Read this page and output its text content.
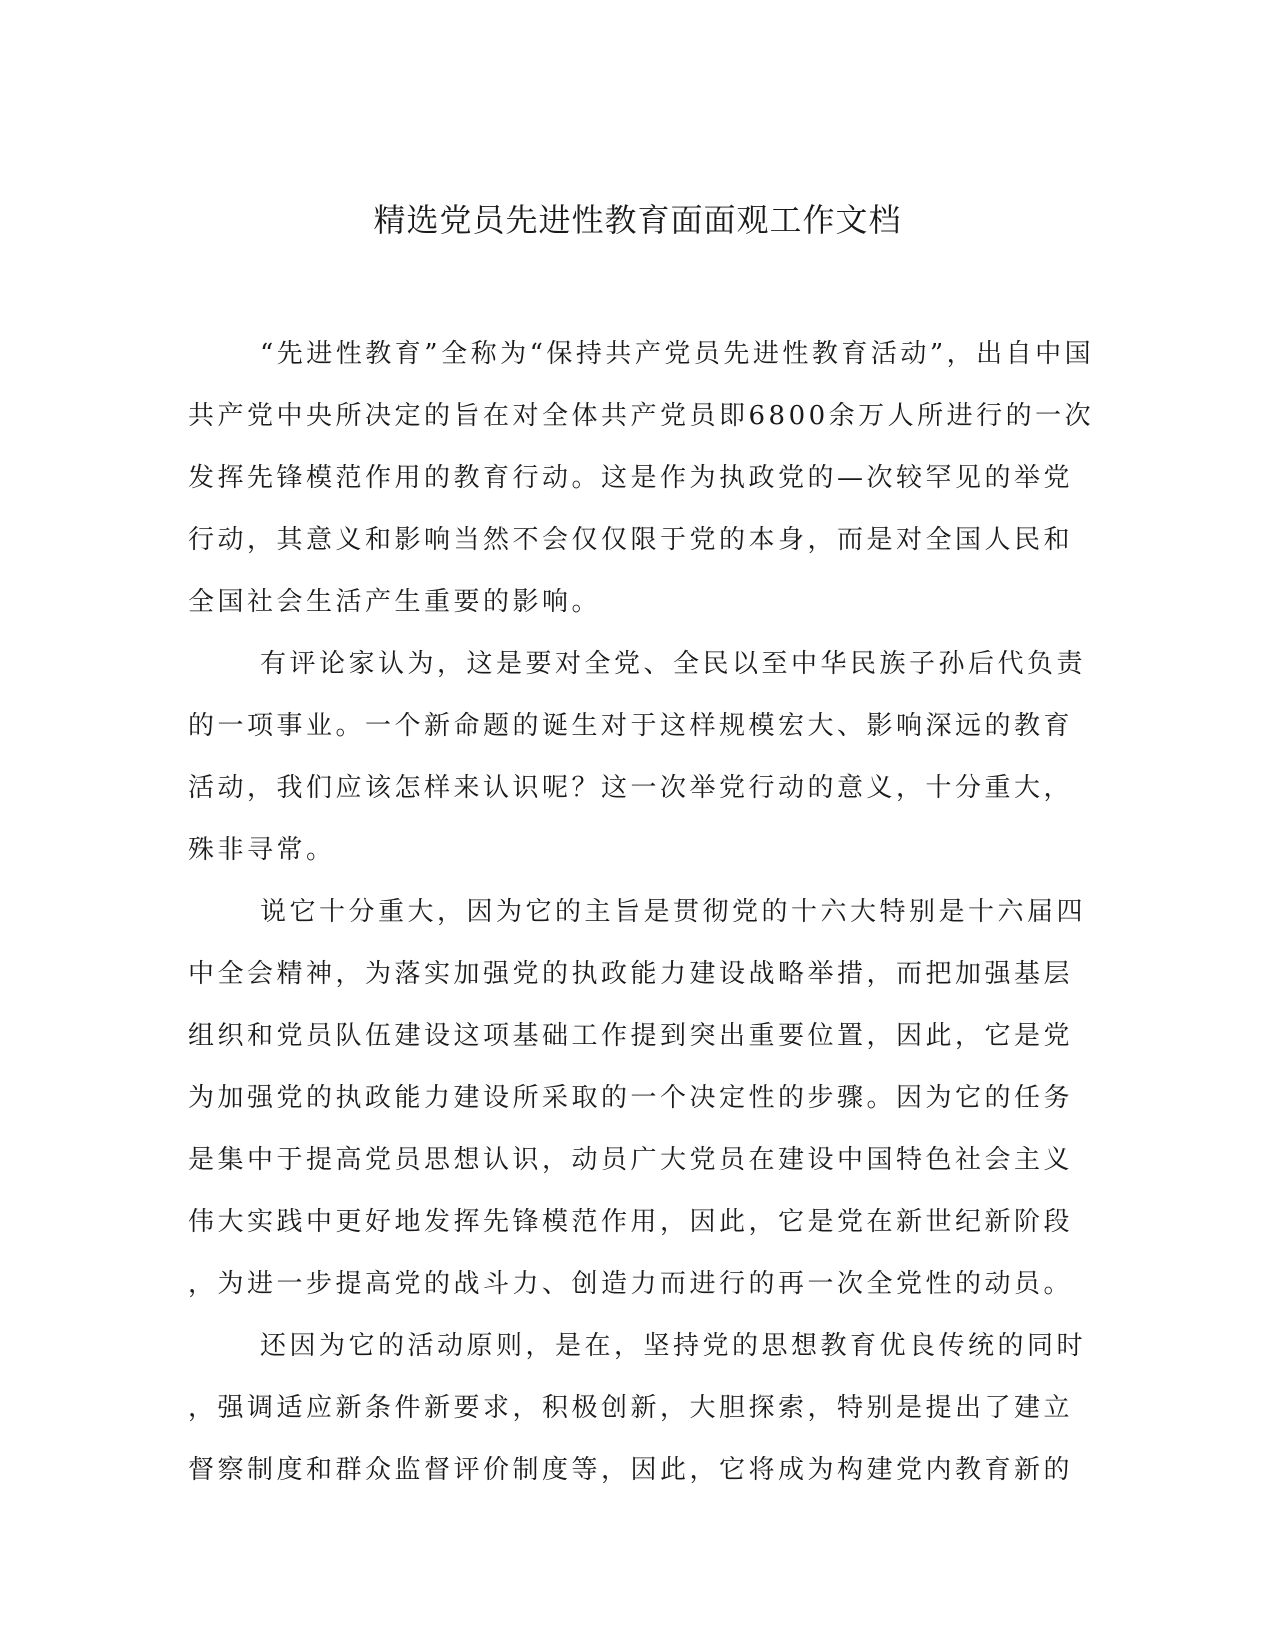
精选党员先进性教育面面观工作文档
“先进性教育”全称为“保持共产党员先进性教育活动”，出自中国
共产党中央所决定的旨在对全体共产党员即6800余万人所进行的一次
发挥先锋模范作用的教育行动。这是作为执政党的—次较罕见的举党
行动，其意义和影响当然不会仅仅限于党的本身，而是对全国人民和
全国社会生活产生重要的影响。
有评论家认为，这是要对全党、全民以至中华民族子孙后代负责
的一项事业。一个新命题的诞生对于这样规模宏大、影响深远的教育
活动，我们应该怎样来认识呢？这一次举党行动的意义，十分重大，
殊非寻常。
说它十分重大，因为它的主旨是贯彻党的十六大特别是十六届四
中全会精神，为落实加强党的执政能力建设战略举措，而把加强基层
组织和党员队伍建设这项基础工作提到突出重要位置，因此，它是党
为加强党的执政能力建设所采取的一个决定性的步骤。因为它的任务
是集中于提高党员思想认识，动员广大党员在建设中国特色社会主义
伟大实践中更好地发挥先锋模范作用，因此，它是党在新世纪新阶段
，为进一步提高党的战斗力、创造力而进行的再一次全党性的动员。
还因为它的活动原则，是在，坚持党的思想教育优良传统的同时
，强调适应新条件新要求，积极创新，大胆探索，特别是提出了建立
督察制度和群众监督评价制度等，因此，它将成为构建党内教育新的
